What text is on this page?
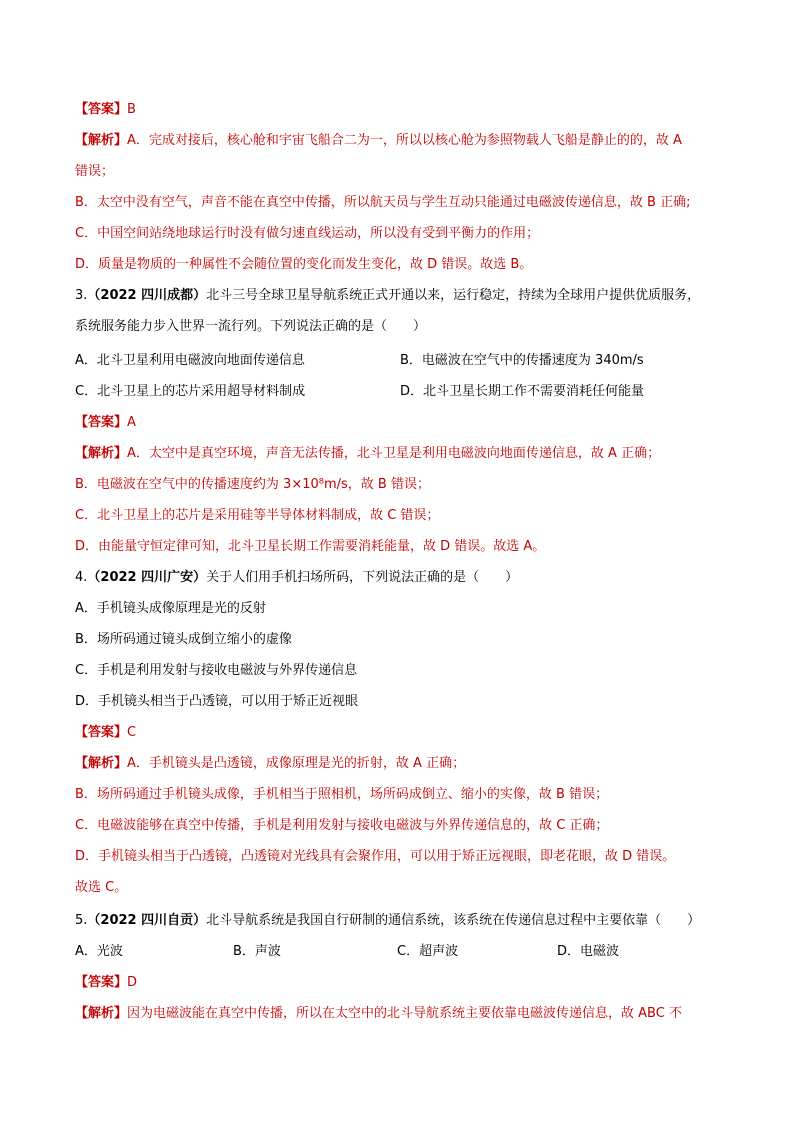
【答案】B
【解析】A．完成对接后，核心舱和宇宙飞船合二为一，所以以核心舱为参照物载人飞船是静止的的，故 A
错误；
B．太空中没有空气，声音不能在真空中传播，所以航天员与学生互动只能通过电磁波传递信息，故 B 正确;
C．中国空间站绕地球运行时没有做匀速直线运动，所以没有受到平衡力的作用；
D．质量是物质的一种属性不会随位置的变化而发生变化，故 D 错误。故选 B。
3.（2022 四川成都）北斗三号全球卫星导航系统正式开通以来，运行稳定，持续为全球用户提供优质服务，
系统服务能力步入世界一流行列。下列说法正确的是（　　）
A．北斗卫星利用电磁波向地面传递信息	B．电磁波在空气中的传播速度为 340m/s
C．北斗卫星上的芯片采用超导材料制成	D．北斗卫星长期工作不需要消耗任何能量
【答案】A
【解析】A．太空中是真空环境，声音无法传播，北斗卫星是利用电磁波向地面传递信息，故 A 正确；
B．电磁波在空气中的传播速度约为 3×10⁸m/s，故 B 错误；
C．北斗卫星上的芯片是采用硅等半导体材料制成，故 C 错误；
D．由能量守恒定律可知，北斗卫星长期工作需要消耗能量，故 D 错误。故选 A。
4.（2022 四川广安）关于人们用手机扫场所码，下列说法正确的是（　　）
A．手机镜头成像原理是光的反射
B．场所码通过镜头成倒立缩小的虚像
C．手机是利用发射与接收电磁波与外界传递信息
D．手机镜头相当于凸透镜，可以用于矫正近视眼
【答案】C
【解析】A．手机镜头是凸透镜，成像原理是光的折射，故 A 正确；
B．场所码通过手机镜头成像，手机相当于照相机，场所码成倒立、缩小的实像，故 B 错误；
C．电磁波能够在真空中传播，手机是利用发射与接收电磁波与外界传递信息的，故 C 正确；
D．手机镜头相当于凸透镜，凸透镜对光线具有会聚作用，可以用于矫正远视眼，即老花眼，故 D 错误。
故选 C。
5.（2022 四川自贡）北斗导航系统是我国自行研制的通信系统，该系统在传递信息过程中主要依靠（　　）
A．光波	B．声波	C．超声波	D．电磁波
【答案】D
【解析】因为电磁波能在真空中传播，所以在太空中的北斗导航系统主要依靠电磁波传递信息，故 ABC 不
